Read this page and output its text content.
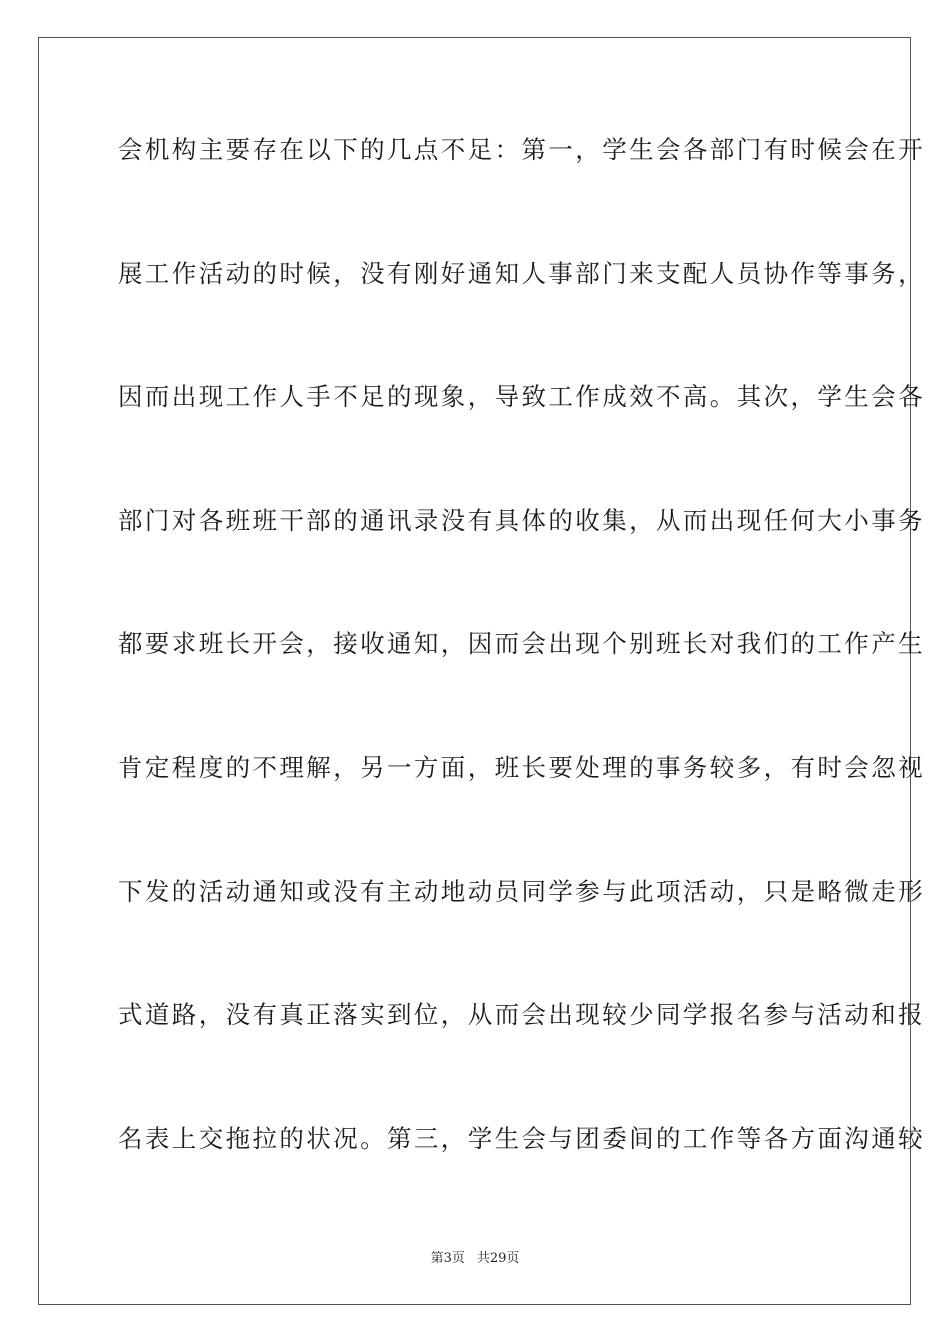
会机构主要存在以下的几点不足：第一，学生会各部门有时候会在开
展工作活动的时候，没有刚好通知人事部门来支配人员协作等事务，
因而出现工作人手不足的现象，导致工作成效不高。其次，学生会各
部门对各班班干部的通讯录没有具体的收集，从而出现任何大小事务
都要求班长开会，接收通知，因而会出现个别班长对我们的工作产生
肯定程度的不理解，另一方面，班长要处理的事务较多，有时会忽视
下发的活动通知或没有主动地动员同学参与此项活动，只是略微走形
式道路，没有真正落实到位，从而会出现较少同学报名参与活动和报
名表上交拖拉的状况。第三，学生会与团委间的工作等各方面沟通较
第3页 共29页
